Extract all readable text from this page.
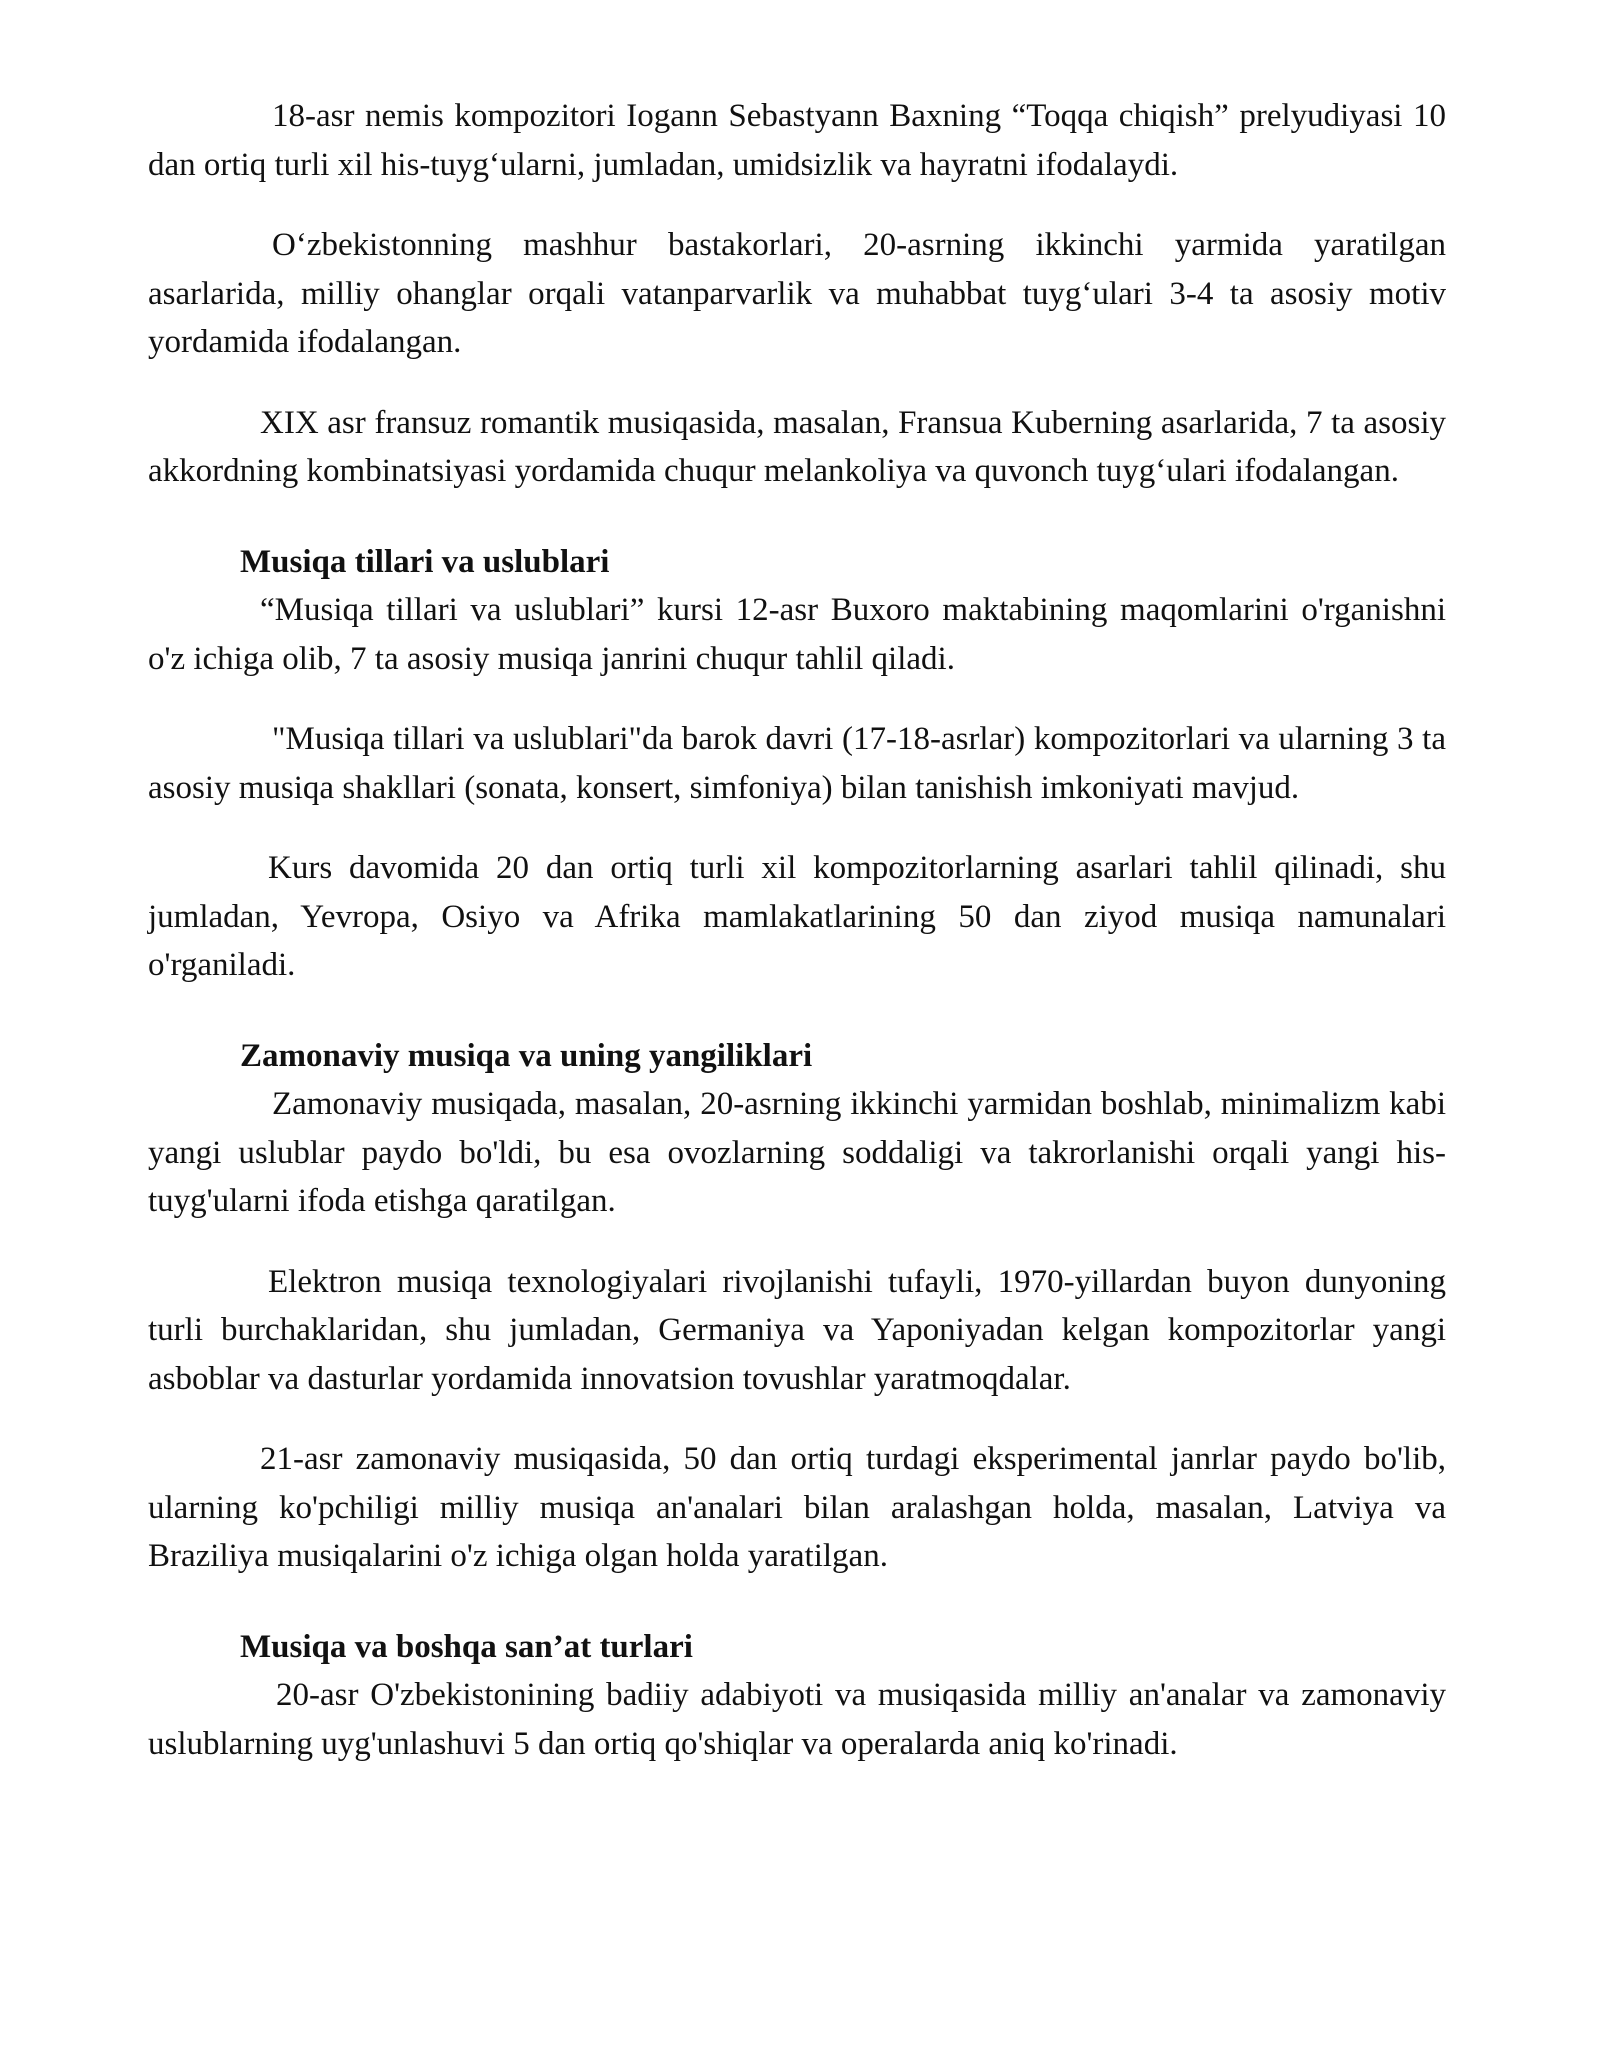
18-asr nemis kompozitori Iogann Sebastyann Baxning “Toqqa chiqish” prelyudiyasi 10 dan ortiq turli xil his-tuyg‘ularni, jumladan, umidsizlik va hayratni ifodalaydi.

O‘zbekistonning mashhur bastakorlari, 20-asrning ikkinchi yarmida yaratilgan asarlarida, milliy ohanglar orqali vatanparvarlik va muhabbat tuyg‘ulari 3-4 ta asosiy motiv yordamida ifodalangan.

XIX asr fransuz romantik musiqasida, masalan, Fransua Kuberning asarlarida, 7 ta asosiy akkordning kombinatsiyasi yordamida chuqur melankoliya va quvonch tuyg‘ulari ifodalangan.

Musiqa tillari va uslublari

“Musiqa tillari va uslublari” kursi 12-asr Buxoro maktabining maqomlarini o'rganishni o'z ichiga olib, 7 ta asosiy musiqa janrini chuqur tahlil qiladi.

"Musiqa tillari va uslublari"da barok davri (17-18-asrlar) kompozitorlari va ularning 3 ta asosiy musiqa shakllari (sonata, konsert, simfoniya) bilan tanishish imkoniyati mavjud.

Kurs davomida 20 dan ortiq turli xil kompozitorlarning asarlari tahlil qilinadi, shu jumladan, Yevropa, Osiyo va Afrika mamlakatlarining 50 dan ziyod musiqa namunalari o'rganiladi.

Zamonaviy musiqa va uning yangiliklari

Zamonaviy musiqada, masalan, 20-asrning ikkinchi yarmidan boshlab, minimalizm kabi yangi uslublar paydo bo'ldi, bu esa ovozlarning soddaligi va takrorlanishi orqali yangi his-tuyg'ularni ifoda etishga qaratilgan.

Elektron musiqa texnologiyalari rivojlanishi tufayli, 1970-yillardan buyon dunyoning turli burchaklaridan, shu jumladan, Germaniya va Yaponiyadan kelgan kompozitorlar yangi asboblar va dasturlar yordamida innovatsion tovushlar yaratmoqdalar.

21-asr zamonaviy musiqasida, 50 dan ortiq turdagi eksperimental janrlar paydo bo'lib, ularning ko'pchiligi milliy musiqa an'analari bilan aralashgan holda, masalan, Latviya va Braziliya musiqalarini o'z ichiga olgan holda yaratilgan.

Musiqa va boshqa san’at turlari

20-asr O'zbekistonining badiiy adabiyoti va musiqasida milliy an'analar va zamonaviy uslublarning uyg'unlashuvi 5 dan ortiq qo'shiqlar va operalarda aniq ko'rinadi.
